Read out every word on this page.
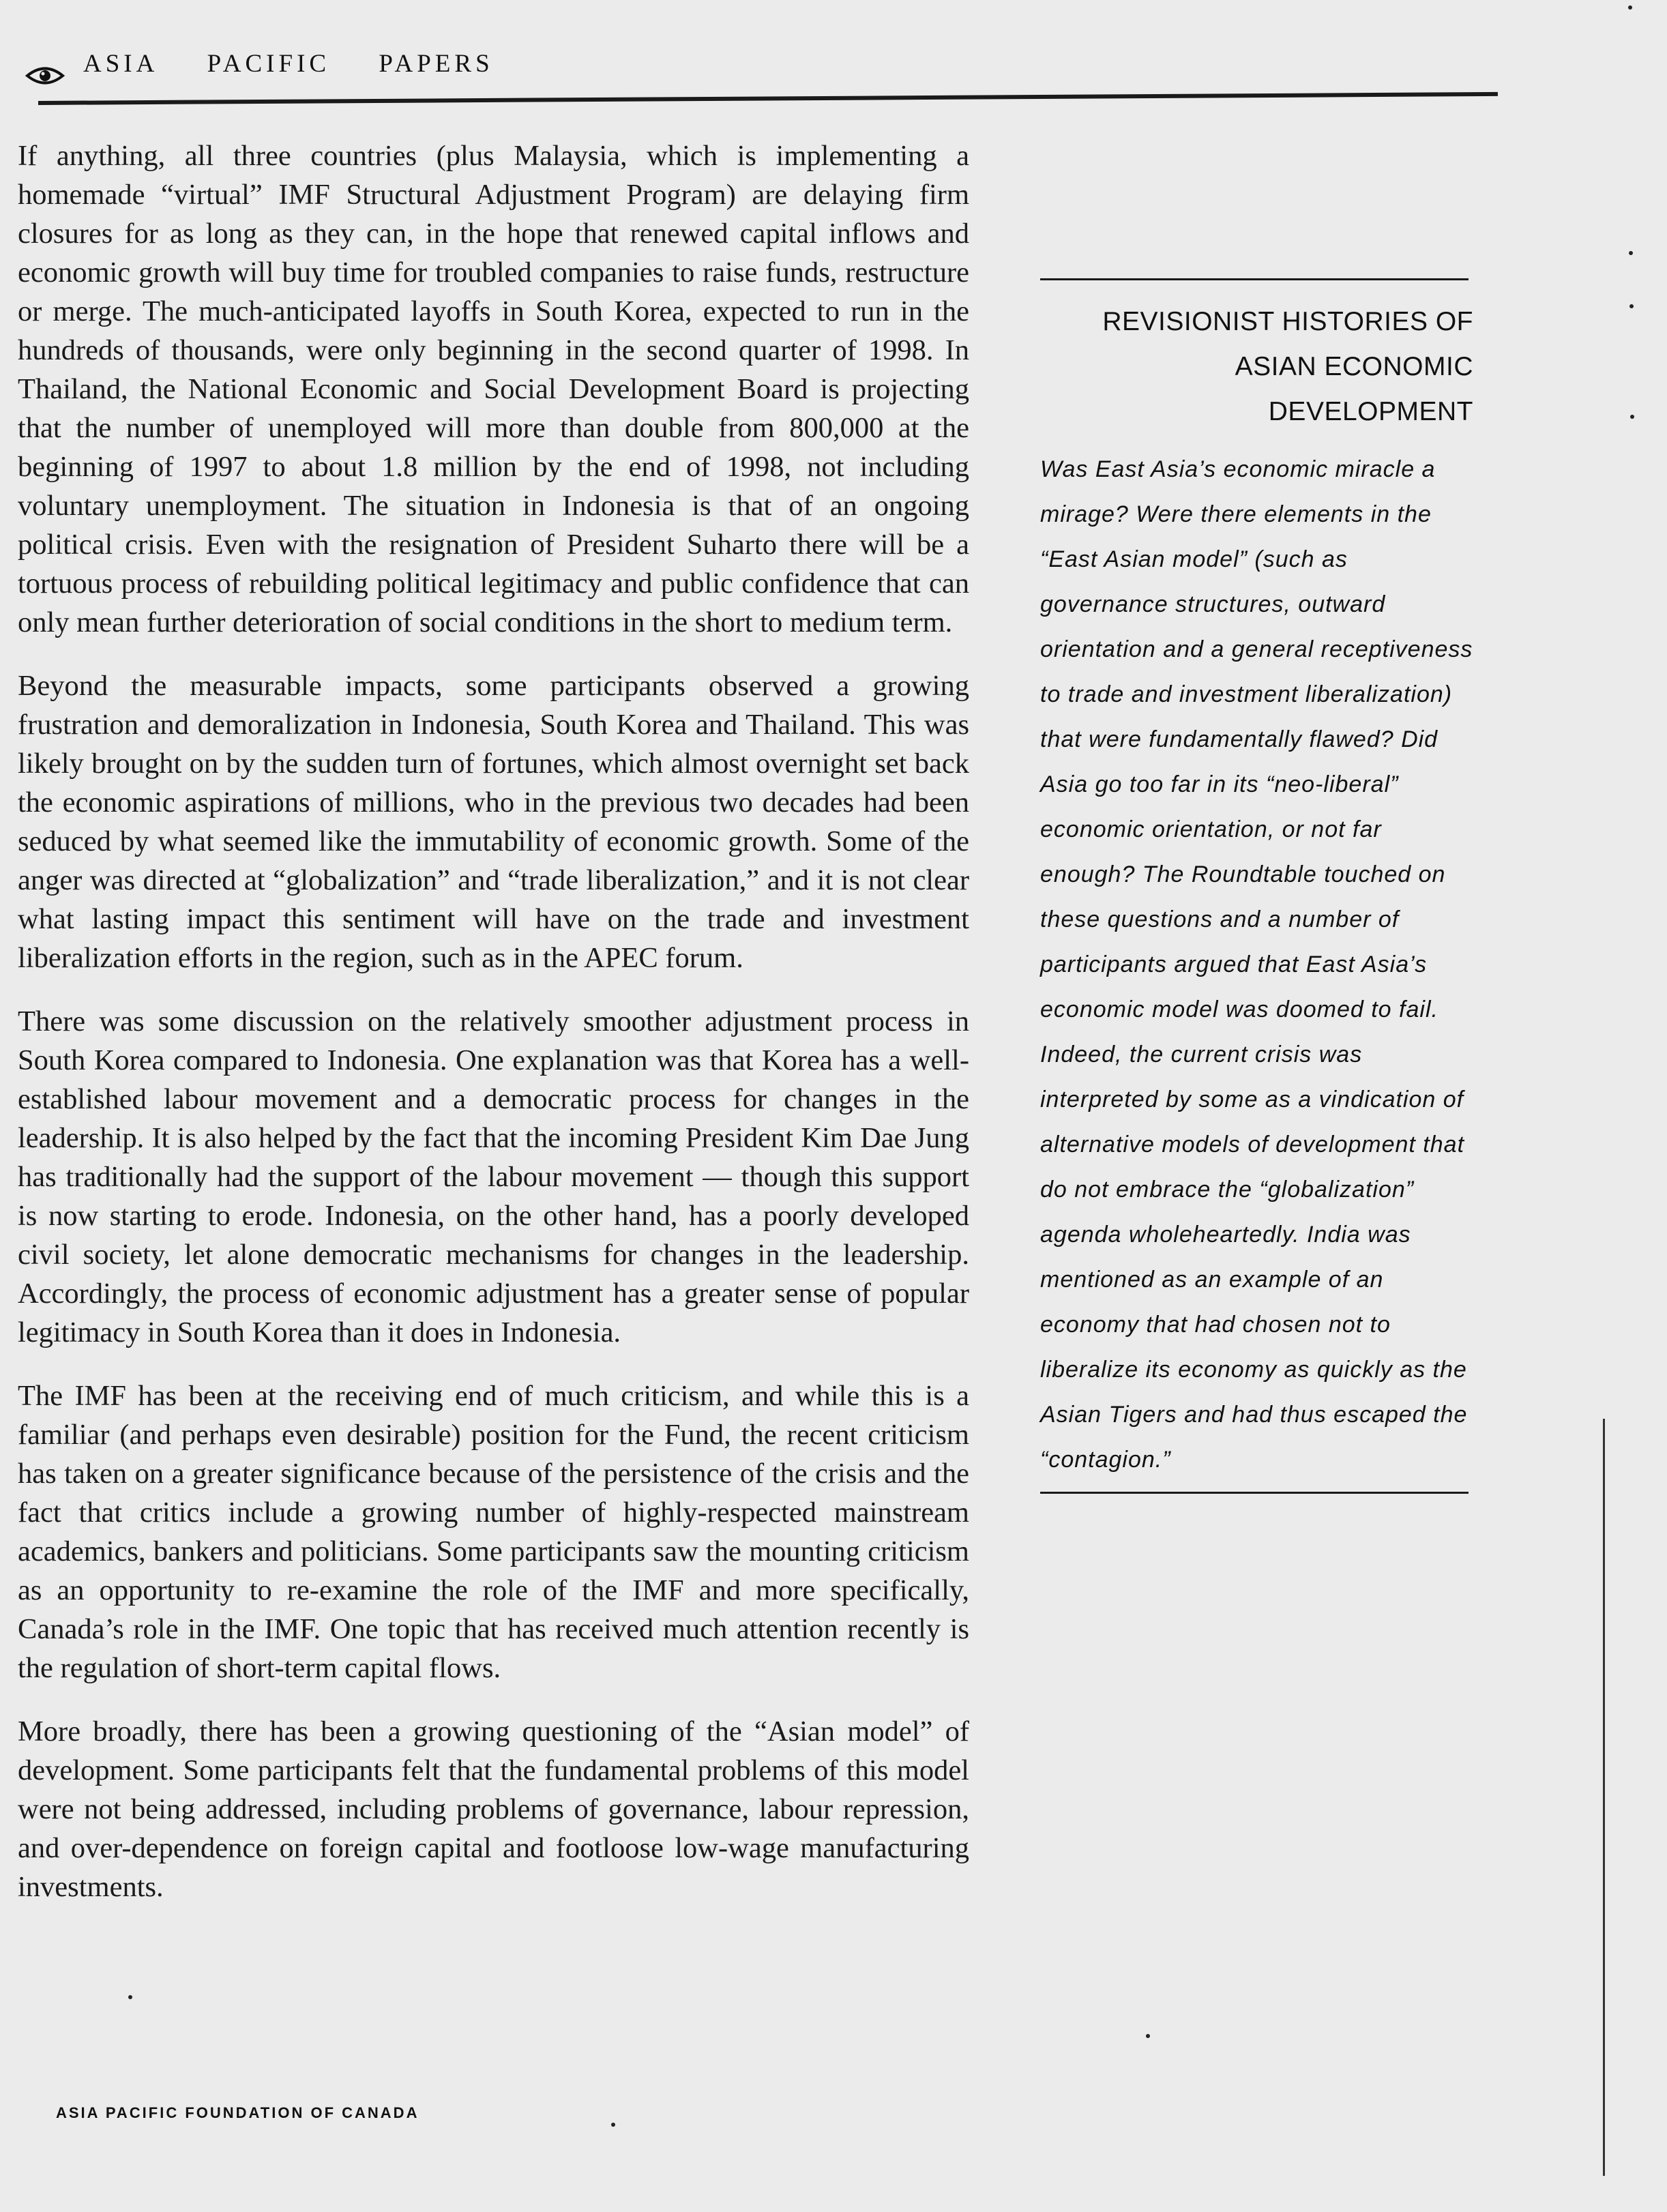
ASIA PACIFIC PAPERS

If anything, all three countries (plus Malaysia, which is implementing a homemade “virtual” IMF Structural Adjustment Program) are delaying firm closures for as long as they can, in the hope that renewed capital inflows and economic growth will buy time for troubled companies to raise funds, restructure or merge. The much-anticipated layoffs in South Korea, expected to run in the hundreds of thousands, were only beginning in the second quarter of 1998. In Thailand, the National Economic and Social Development Board is projecting that the number of unemployed will more than double from 800,000 at the beginning of 1997 to about 1.8 million by the end of 1998, not including voluntary unemployment. The situation in Indonesia is that of an ongoing political crisis. Even with the resignation of President Suharto there will be a tortuous process of rebuilding political legitimacy and public confidence that can only mean further deterioration of social conditions in the short to medium term.

Beyond the measurable impacts, some participants observed a growing frustration and demoralization in Indonesia, South Korea and Thailand. This was likely brought on by the sudden turn of fortunes, which almost overnight set back the economic aspirations of millions, who in the previous two decades had been seduced by what seemed like the immutability of economic growth. Some of the anger was directed at “globalization” and “trade liberalization,” and it is not clear what lasting impact this sentiment will have on the trade and investment liberalization efforts in the region, such as in the APEC forum.

There was some discussion on the relatively smoother adjustment process in South Korea compared to Indonesia. One explanation was that Korea has a well-established labour movement and a democratic process for changes in the leadership. It is also helped by the fact that the incoming President Kim Dae Jung has traditionally had the support of the labour movement — though this support is now starting to erode. Indonesia, on the other hand, has a poorly developed civil society, let alone democratic mechanisms for changes in the leadership. Accordingly, the process of economic adjustment has a greater sense of popular legitimacy in South Korea than it does in Indonesia.

The IMF has been at the receiving end of much criticism, and while this is a familiar (and perhaps even desirable) position for the Fund, the recent criticism has taken on a greater significance because of the persistence of the crisis and the fact that critics include a growing number of highly-respected mainstream academics, bankers and politicians. Some participants saw the mounting criticism as an opportunity to re-examine the role of the IMF and more specifically, Canada’s role in the IMF. One topic that has received much attention recently is the regulation of short-term capital flows.

More broadly, there has been a growing questioning of the “Asian model” of development. Some participants felt that the fundamental problems of this model were not being addressed, including problems of governance, labour repression, and over-dependence on foreign capital and footloose low-wage manufacturing investments.

REVISIONIST HISTORIES OF
ASIAN ECONOMIC
DEVELOPMENT
Was East Asia’s economic miracle a mirage? Were there elements in the “East Asian model” (such as governance structures, outward orientation and a general receptiveness to trade and investment liberalization) that were fundamentally flawed? Did Asia go too far in its “neo-liberal” economic orientation, or not far enough? The Roundtable touched on these questions and a number of participants argued that East Asia’s economic model was doomed to fail. Indeed, the current crisis was interpreted by some as a vindication of alternative models of development that do not embrace the “globalization” agenda wholeheartedly. India was mentioned as an example of an economy that had chosen not to liberalize its economy as quickly as the Asian Tigers and had thus escaped the “contagion.”
ASIA PACIFIC FOUNDATION OF CANADA
